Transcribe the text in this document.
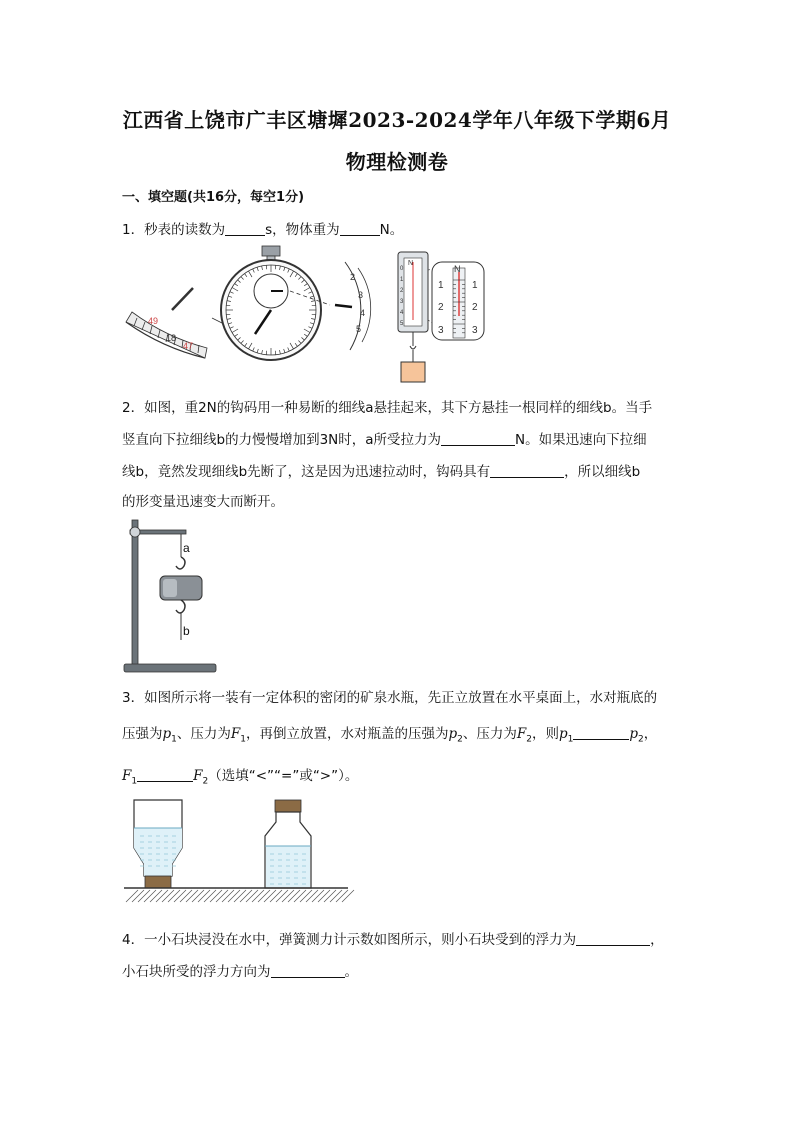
江西省上饶市广丰区塘墀2023-2024学年八年级下学期6月
物理检测卷
一、填空题(共16分，每空1分)
1．秒表的读数为	s，物体重为	N。
49
18
47
2
3
4
5
N
0
1
2
3
4
5
N
1
2
3
1
2
3
2．如图，重2N的钩码用一种易断的细线a悬挂起来，其下方悬挂一根同样的细线b。当手
竖直向下拉细线b的力慢慢增加到3N时，a所受拉力为	N。如果迅速向下拉细
线b，竟然发现细线b先断了，这是因为迅速拉动时，钩码具有	，所以细线b
的形变量迅速变大而断开。
a
b
3．如图所示将一装有一定体积的密闭的矿泉水瓶，先正立放置在水平桌面上，水对瓶底的
压强为$p_1$、压力为$F_1$，再倒立放置，水对瓶盖的压强为$p_2$、压力为$F_2$，则$p_1$	$p_2$，
$F_1$	$F_2$（选填“<”“=”或“>”）。
4．一小石块浸没在水中，弹簧测力计示数如图所示，则小石块受到的浮力为	，
小石块所受的浮力方向为	。
